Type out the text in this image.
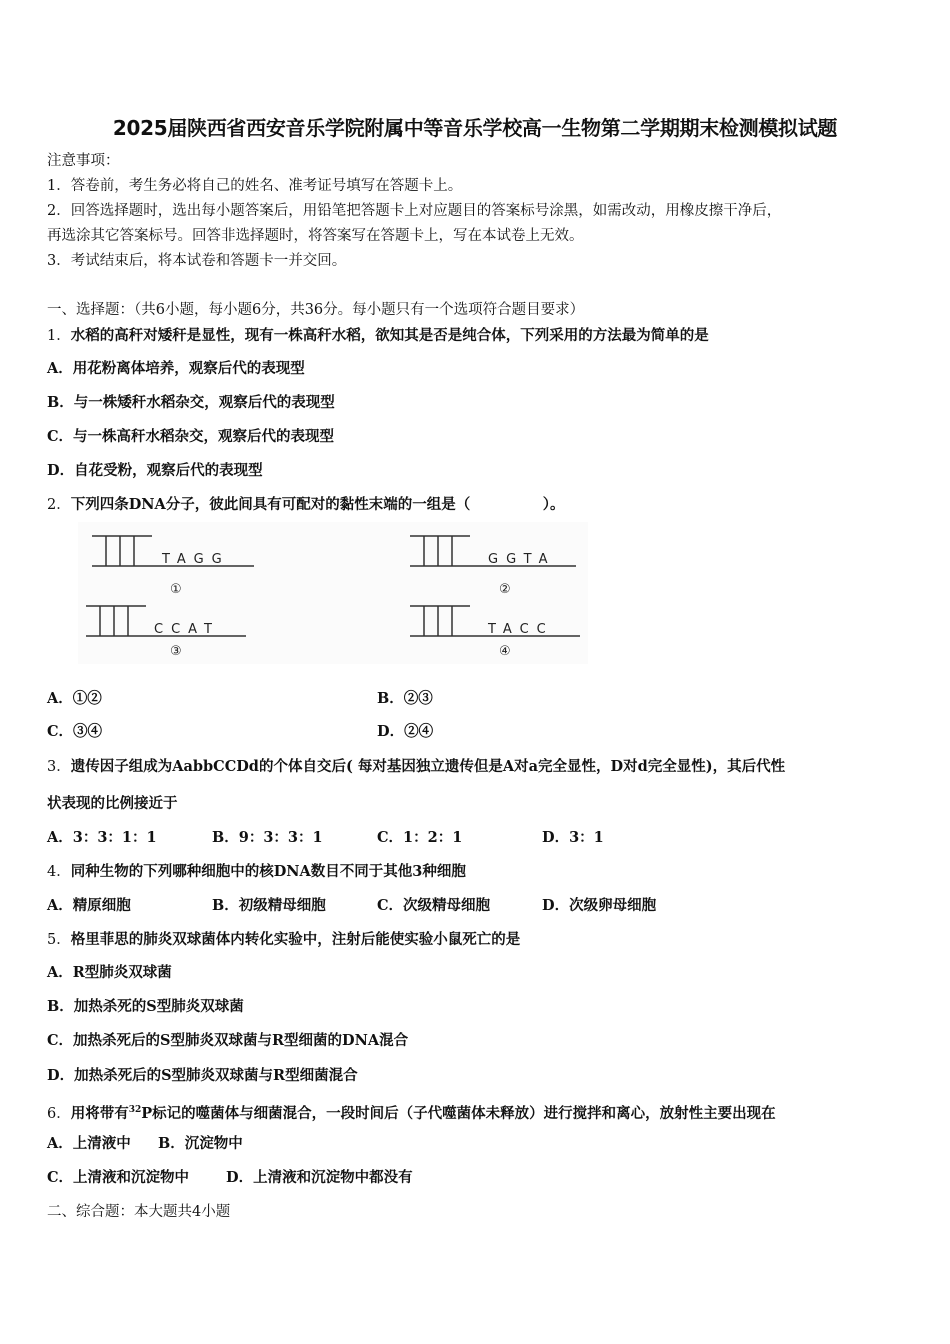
2025届陕西省西安音乐学院附属中等音乐学校高一生物第二学期期末检测模拟试题
注意事项：
1．答卷前，考生务必将自己的姓名、准考证号填写在答题卡上。
2．回答选择题时，选出每小题答案后，用铅笔把答题卡上对应题目的答案标号涂黑，如需改动，用橡皮擦干净后，
再选涂其它答案标号。回答非选择题时，将答案写在答题卡上，写在本试卷上无效。
3．考试结束后，将本试卷和答题卡一并交回。
一、选择题：（共6小题，每小题6分，共36分。每小题只有一个选项符合题目要求）
1．水稻的高秆对矮秆是显性，现有一株高秆水稻，欲知其是否是纯合体，下列采用的方法最为简单的是
A．用花粉离体培养，观察后代的表现型
B．与一株矮秆水稻杂交，观察后代的表现型
C．与一株高秆水稻杂交，观察后代的表现型
D．自花受粉，观察后代的表现型
2．下列四条DNA分子，彼此间具有可配对的黏性末端的一组是（　　　　　）。
TAGG
①
GGTA
②
CCAT
③
TACC
④
A．①②	B．②③
C．③④	D．②④
3．遗传因子组成为AabbCCDd的个体自交后( 每对基因独立遗传但是A对a完全显性，D对d完全显性)，其后代性
状表现的比例接近于
A．3：3：1：1	B．9：3：3：1	C．1：2：1	D．3：1
4．同种生物的下列哪种细胞中的核DNA数目不同于其他3种细胞
A．精原细胞	B．初级精母细胞	C．次级精母细胞	D．次级卵母细胞
5．格里菲思的肺炎双球菌体内转化实验中，注射后能使实验小鼠死亡的是
A．R型肺炎双球菌
B．加热杀死的S型肺炎双球菌
C．加热杀死后的S型肺炎双球菌与R型细菌的DNA混合
D．加热杀死后的S型肺炎双球菌与R型细菌混合
6．用将带有$^{32}$P标记的噬菌体与细菌混合，一段时间后（子代噬菌体未释放）进行搅拌和离心，放射性主要出现在
A．上清液中 B．沉淀物中
C．上清液和沉淀物中	D．上清液和沉淀物中都没有
二、综合题：本大题共4小题
